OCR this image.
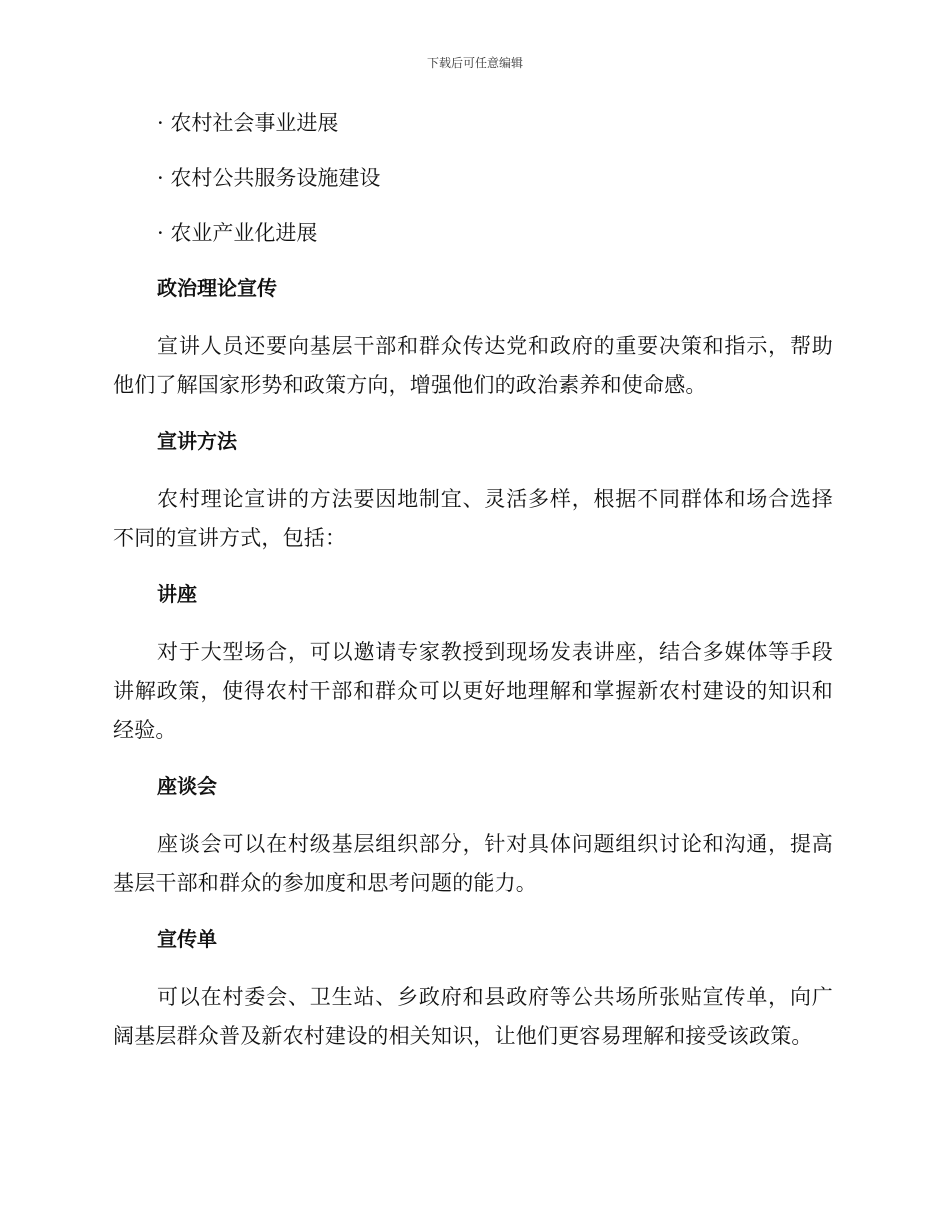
下载后可任意编辑
· 农村社会事业进展
· 农村公共服务设施建设
· 农业产业化进展
政治理论宣传
宣讲人员还要向基层干部和群众传达党和政府的重要决策和指示，帮助他们了解国家形势和政策方向，增强他们的政治素养和使命感。
宣讲方法
农村理论宣讲的方法要因地制宜、灵活多样，根据不同群体和场合选择不同的宣讲方式，包括：
讲座
对于大型场合，可以邀请专家教授到现场发表讲座，结合多媒体等手段讲解政策，使得农村干部和群众可以更好地理解和掌握新农村建设的知识和经验。
座谈会
座谈会可以在村级基层组织部分，针对具体问题组织讨论和沟通，提高基层干部和群众的参加度和思考问题的能力。
宣传单
可以在村委会、卫生站、乡政府和县政府等公共场所张贴宣传单，向广阔基层群众普及新农村建设的相关知识，让他们更容易理解和接受该政策。
